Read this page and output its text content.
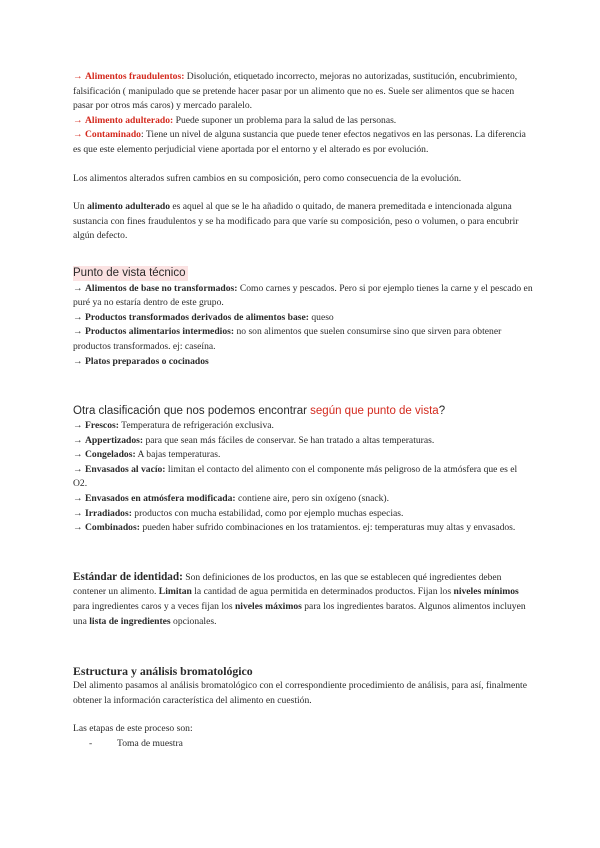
→ Alimentos fraudulentos: Disolución, etiquetado incorrecto, mejoras no autorizadas, sustitución, encubrimiento, falsificación ( manipulado que se pretende hacer pasar por un alimento que no es. Suele ser alimentos que se hacen pasar por otros más caros) y mercado paralelo.

→ Alimento adulterado: Puede suponer un problema para la salud de las personas.

→ Contaminado: Tiene un nivel de alguna sustancia que puede tener efectos negativos en las personas. La diferencia es que este elemento perjudicial viene aportada por el entorno y el alterado es por evolución.

Los alimentos alterados sufren cambios en su composición, pero como consecuencia de la evolución.

Un alimento adulterado es aquel al que se le ha añadido o quitado, de manera premeditada e intencionada alguna sustancia con fines fraudulentos y se ha modificado para que varíe su composición, peso o volumen, o para encubrir algún defecto.

Punto de vista técnico

→ Alimentos de base no transformados: Como carnes y pescados. Pero si por ejemplo tienes la carne y el pescado en puré ya no estaría dentro de este grupo.

→ Productos transformados derivados de alimentos base: queso

→ Productos alimentarios intermedios: no son alimentos que suelen consumirse sino que sirven para obtener productos transformados. ej: caseína.

→ Platos preparados o cocinados

Otra clasificación que nos podemos encontrar según que punto de vista?

→ Frescos: Temperatura de refrigeración exclusiva.

→ Appertizados: para que sean más fáciles de conservar. Se han tratado a altas temperaturas.

→ Congelados: A bajas temperaturas.

→ Envasados al vacío: limitan el contacto del alimento con el componente más peligroso de la atmósfera que es el O2.

→ Envasados en atmósfera modificada: contiene aire, pero sin oxígeno (snack).

→ Irradiados: productos con mucha estabilidad, como por ejemplo muchas especias.

→ Combinados: pueden haber sufrido combinaciones en los tratamientos. ej: temperaturas muy altas y envasados.

Estándar de identidad: Son definiciones de los productos, en las que se establecen qué ingredientes deben contener un alimento. Limitan la cantidad de agua permitida en determinados productos. Fijan los niveles mínimos para ingredientes caros y a veces fijan los niveles máximos para los ingredientes baratos. Algunos alimentos incluyen una lista de ingredientes opcionales.

Estructura y análisis bromatológico

Del alimento pasamos al análisis bromatológico con el correspondiente procedimiento de análisis, para así, finalmente obtener la información característica del alimento en cuestión.

Las etapas de este proceso son:

-	Toma de muestra
